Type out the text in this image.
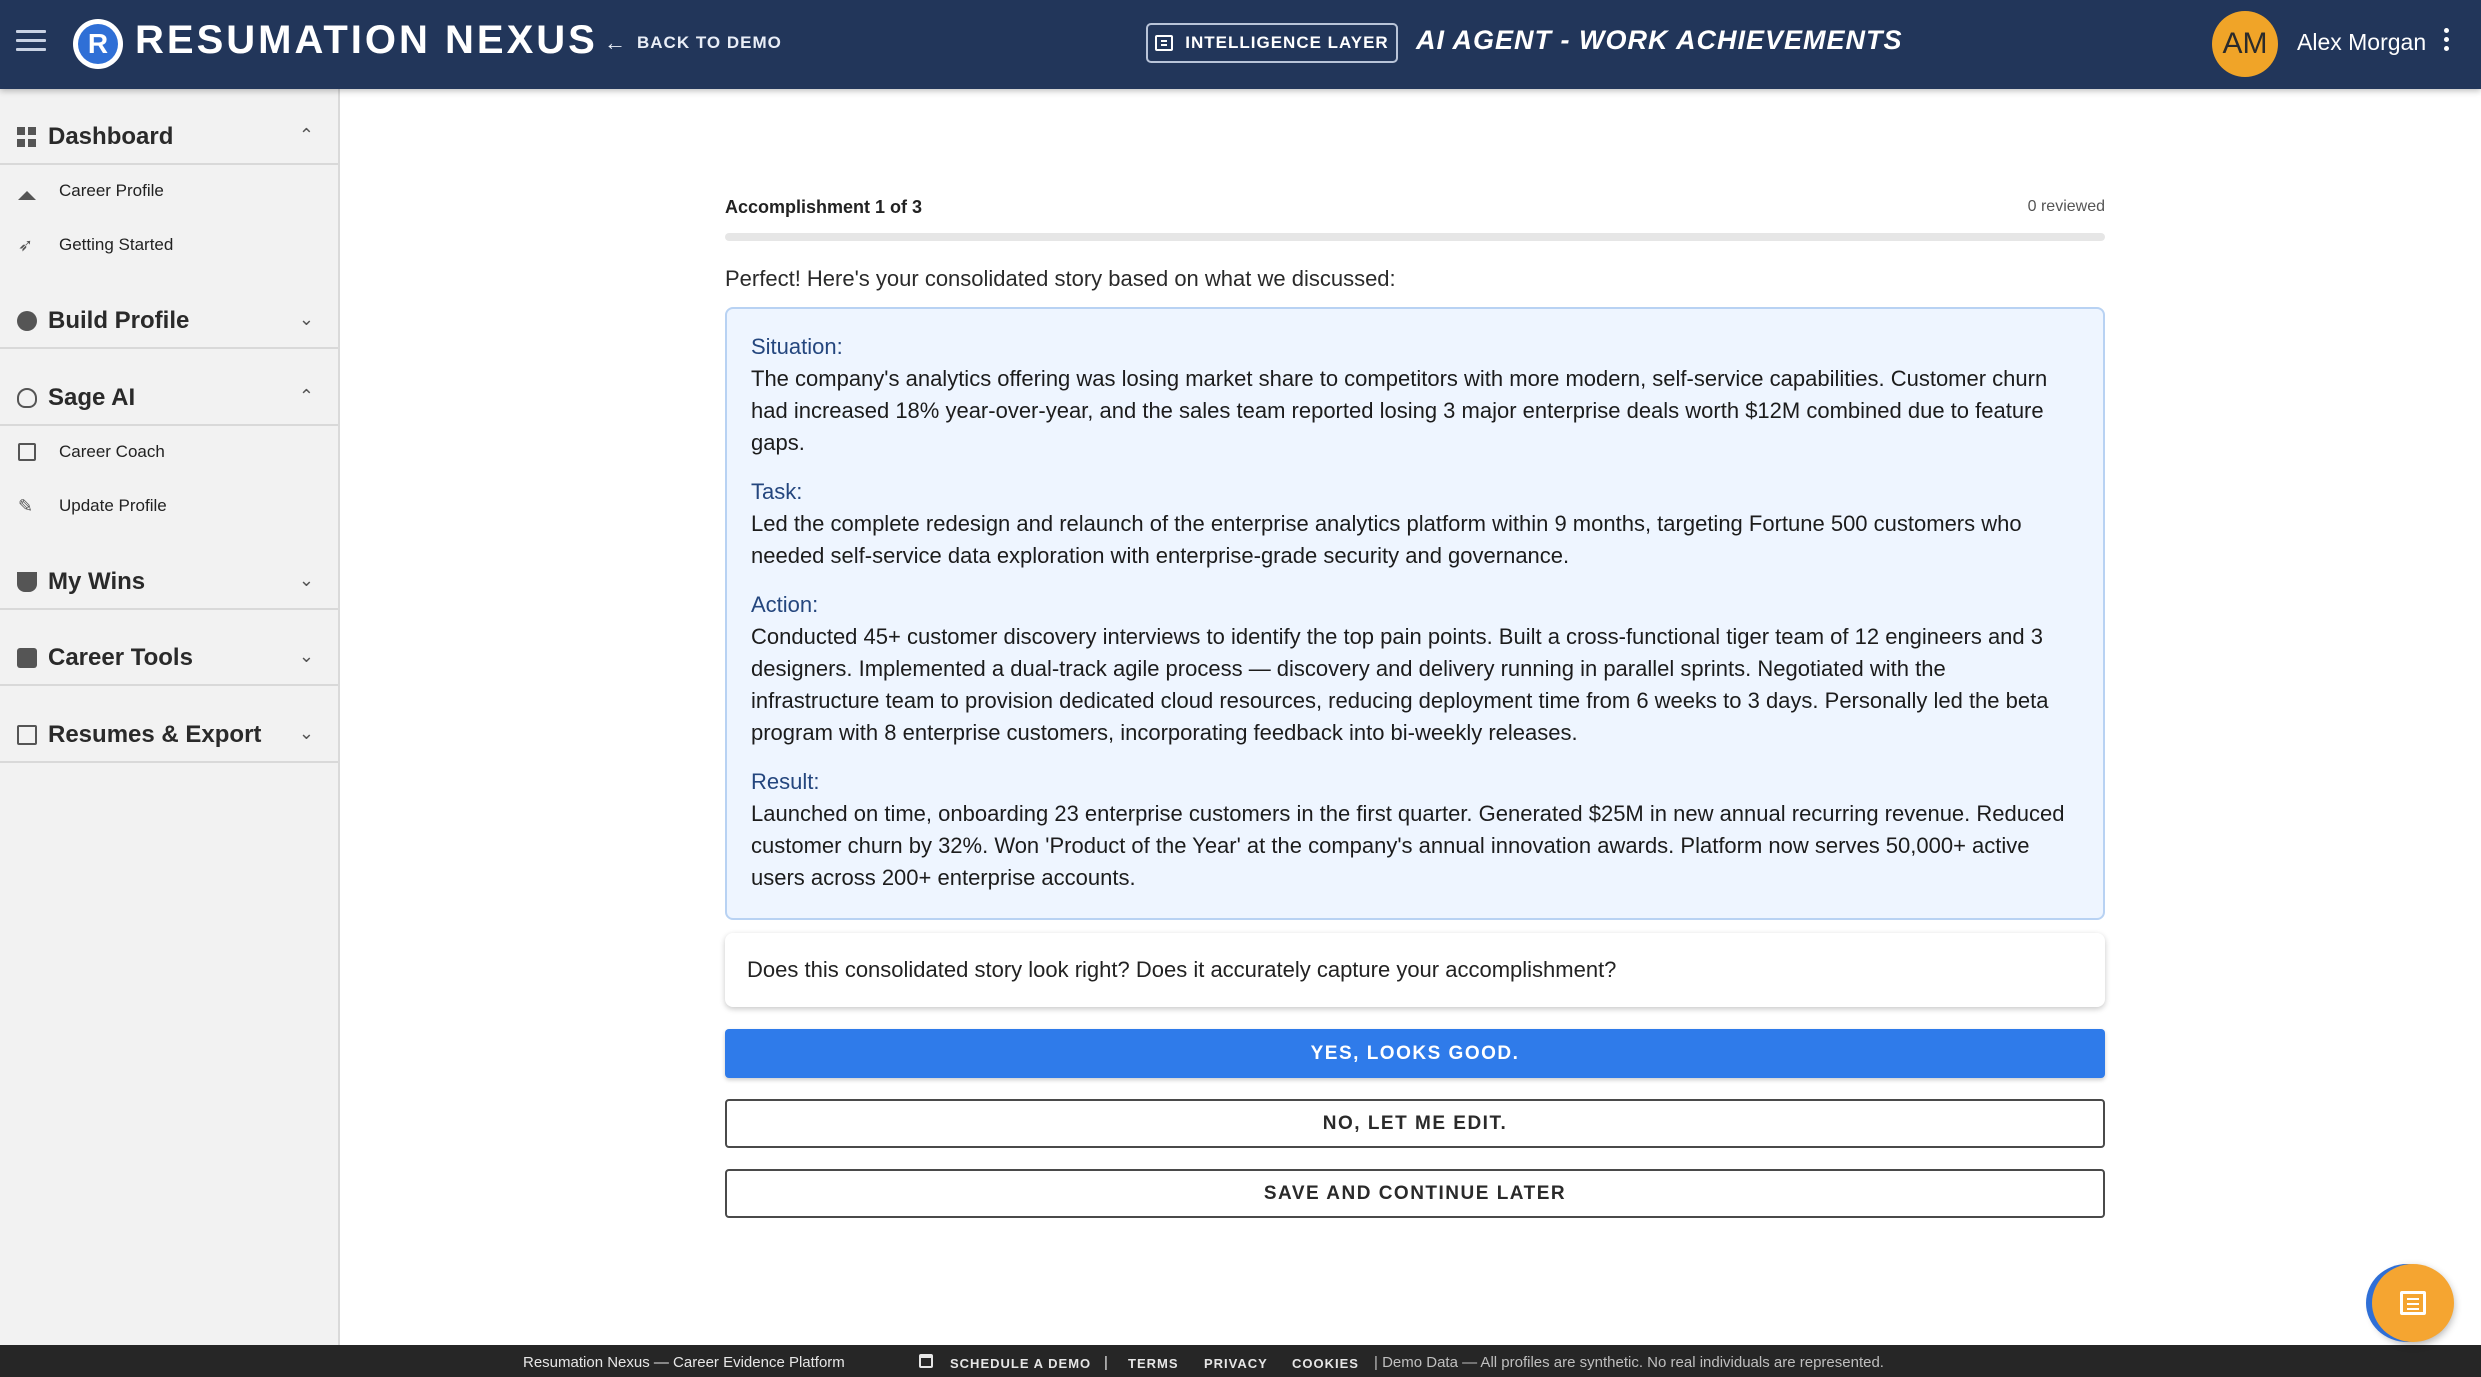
R RESUMATION NEXUS ← BACK TO DEMO	INTELLIGENCE LAYER AI AGENT - WORK ACHIEVEMENTS	AM	Alex Morgan
Dashboard	⌃
Career Profile
➶ Getting Started
Build Profile	⌄
Sage AI	⌃
Career Coach
✎ Update Profile
My Wins	⌄
Career Tools	⌄
Resumes & Export ⌄
Accomplishment 1 of 3	0 reviewed
Perfect! Here's your consolidated story based on what we discussed:
Situation:
The company's analytics offering was losing market share to competitors with more modern, self-service capabilities. Customer churn had increased 18% year-over-year, and the sales team reported losing 3 major enterprise deals worth $12M combined due to feature gaps.
Task:
Led the complete redesign and relaunch of the enterprise analytics platform within 9 months, targeting Fortune 500 customers who needed self-service data exploration with enterprise-grade security and governance.
Action:
Conducted 45+ customer discovery interviews to identify the top pain points. Built a cross-functional tiger team of 12 engineers and 3 designers. Implemented a dual-track agile process — discovery and delivery running in parallel sprints. Negotiated with the infrastructure team to provision dedicated cloud resources, reducing deployment time from 6 weeks to 3 days. Personally led the beta program with 8 enterprise customers, incorporating feedback into bi-weekly releases.
Result:
Launched on time, onboarding 23 enterprise customers in the first quarter. Generated $25M in new annual recurring revenue. Reduced customer churn by 32%. Won 'Product of the Year' at the company's annual innovation awards. Platform now serves 50,000+ active users across 200+ enterprise accounts.
Does this consolidated story look right? Does it accurately capture your accomplishment?
YES, LOOKS GOOD.
NO, LET ME EDIT.
SAVE AND CONTINUE LATER
Resumation Nexus — Career Evidence Platform	SCHEDULE A DEMO | TERMS PRIVACY COOKIES | Demo Data — All profiles are synthetic. No real individuals are represented.
